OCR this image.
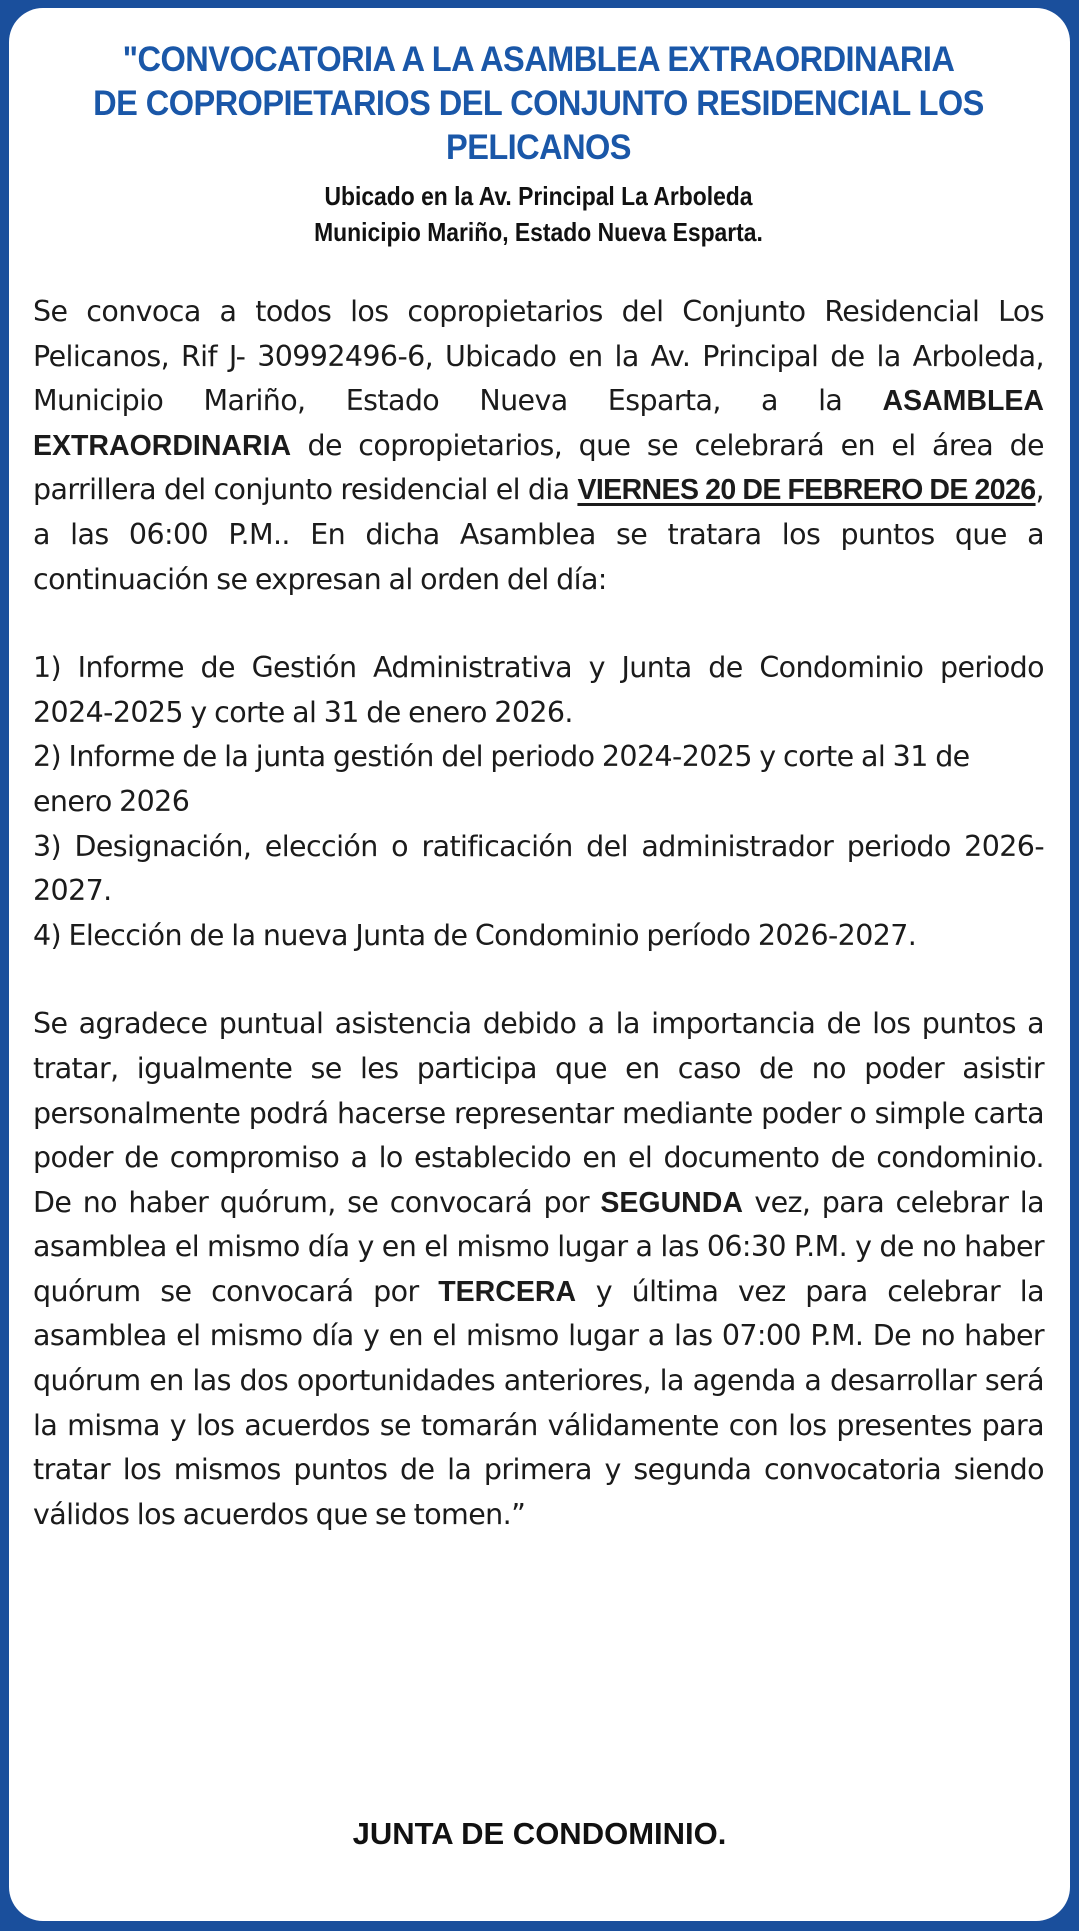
"CONVOCATORIA A LA ASAMBLEA EXTRAORDINARIA
DE COPROPIETARIOS DEL CONJUNTO RESIDENCIAL LOS PELICANOS
Ubicado en la Av. Principal La Arboleda
Municipio Mariño, Estado Nueva Esparta.

Se convoca a todos los copropietarios del Conjunto Residencial Los Pelicanos, Rif J- 30992496-6, Ubicado en la Av. Principal de la Arboleda, Municipio Mariño, Estado Nueva Esparta, a la ASAMBLEA EXTRAORDINARIA de copropietarios, que se celebrará en el área de parrillera del conjunto residencial el dia VIERNES 20 DE FEBRERO DE 2026, a las 06:00 P.M.. En dicha Asamblea se tratara los puntos que a continuación se expresan al orden del día:

1) Informe de Gestión Administrativa y Junta de Condominio periodo 2024-2025 y corte al 31 de enero 2026.

2) Informe de la junta gestión del periodo 2024-2025 y corte al 31 de enero 2026

3) Designación, elección o ratificación del administrador periodo 2026-2027.

4) Elección de la nueva Junta de Condominio período 2026-2027.

Se agradece puntual asistencia debido a la importancia de los puntos a tratar, igualmente se les participa que en caso de no poder asistir personalmente podrá hacerse representar mediante poder o simple carta poder de compromiso a lo establecido en el documento de condominio. De no haber quórum, se convocará por SEGUNDA vez, para celebrar la asamblea el mismo día y en el mismo lugar a las 06:30 P.M. y de no haber quórum se convocará por TERCERA y última vez para celebrar la asamblea el mismo día y en el mismo lugar a las 07:00 P.M. De no haber quórum en las dos oportunidades anteriores, la agenda a desarrollar será la misma y los acuerdos se tomarán válidamente con los presentes para tratar los mismos puntos de la primera y segunda convocatoria siendo válidos los acuerdos que se tomen.”

JUNTA DE CONDOMINIO.
